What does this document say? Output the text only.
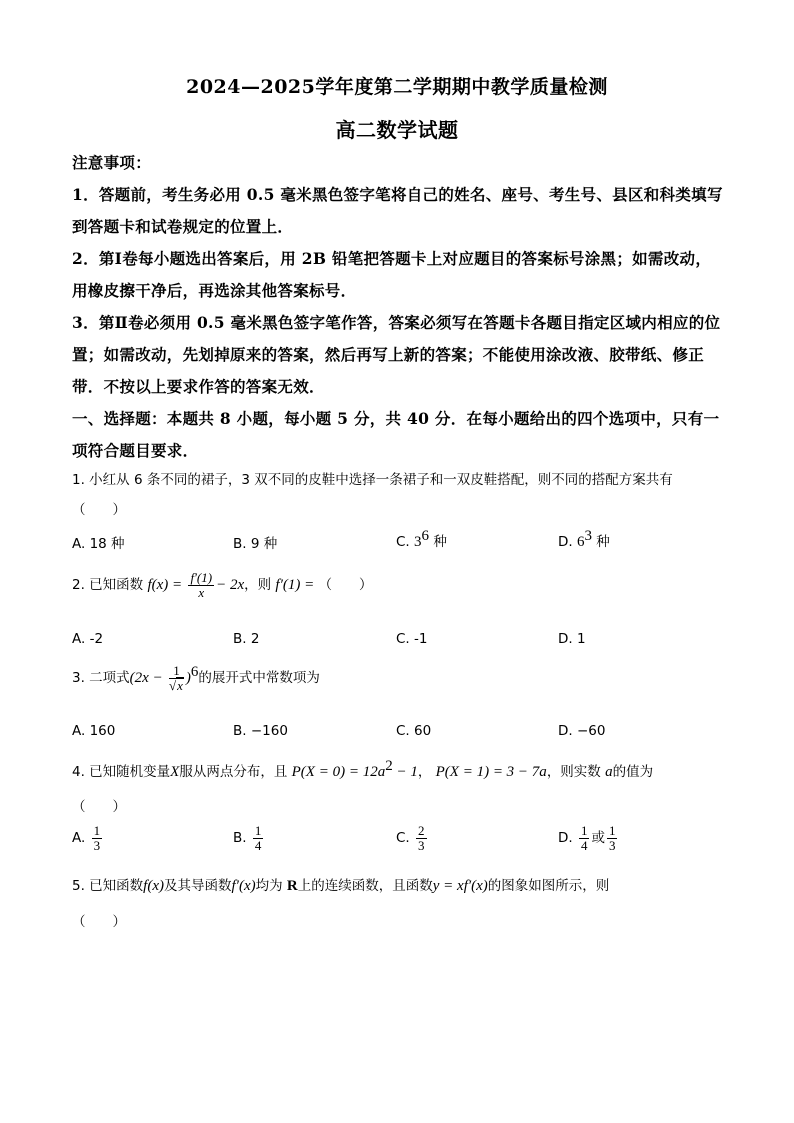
2024—2025学年度第二学期期中教学质量检测
高二数学试题
注意事项：
1．答题前，考生务必用 0.5 毫米黑色签字笔将自己的姓名、座号、考生号、县区和科类填写
到答题卡和试卷规定的位置上．
2．第Ⅰ卷每小题选出答案后，用 2B 铅笔把答题卡上对应题目的答案标号涂黑；如需改动，
用橡皮擦干净后，再选涂其他答案标号．
3．第Ⅱ卷必须用 0.5 毫米黑色签字笔作答，答案必须写在答题卡各题目指定区域内相应的位
置；如需改动，先划掉原来的答案，然后再写上新的答案；不能使用涂改液、胶带纸、修正
带．不按以上要求作答的答案无效．
一、选择题：本题共 8 小题，每小题 5 分，共 40 分．在每小题给出的四个选项中，只有一
项符合题目要求．
1. 小红从 6 条不同的裙子，3 双不同的皮鞋中选择一条裙子和一双皮鞋搭配，则不同的搭配方案共有
（　　）
A. 18 种	B. 9 种	C. $3^6$ 种	D. $6^3$ 种
2. 已知函数 $f(x) = \frac{f'(1)}{x} - 2x$，则 f′(1) = （　　）
A. -2	B. 2	C. -1	D. 1
3. 二项式$(2x - \frac{1}{√x} )^6$的展开式中常数项为
A. 160	B. −160	C. 60	D. −60
4. 已知随机变量X服从两点分布，且 $P(X = 0) = 12a^2 - 1$， P(X = 1) = 3 − 7a，则实数 a的值为
（　　）
A. $\frac{1}{3}$	B. $\frac{1}{4}$	C. $\frac{2}{3}$	D. $\frac{1}{4}$ 或 $\frac{1}{3}$
5. 已知函数f(x)及其导函数f′(x)均为 R上的连续函数，且函数y = xf′(x)的图象如图所示，则
（　　）
